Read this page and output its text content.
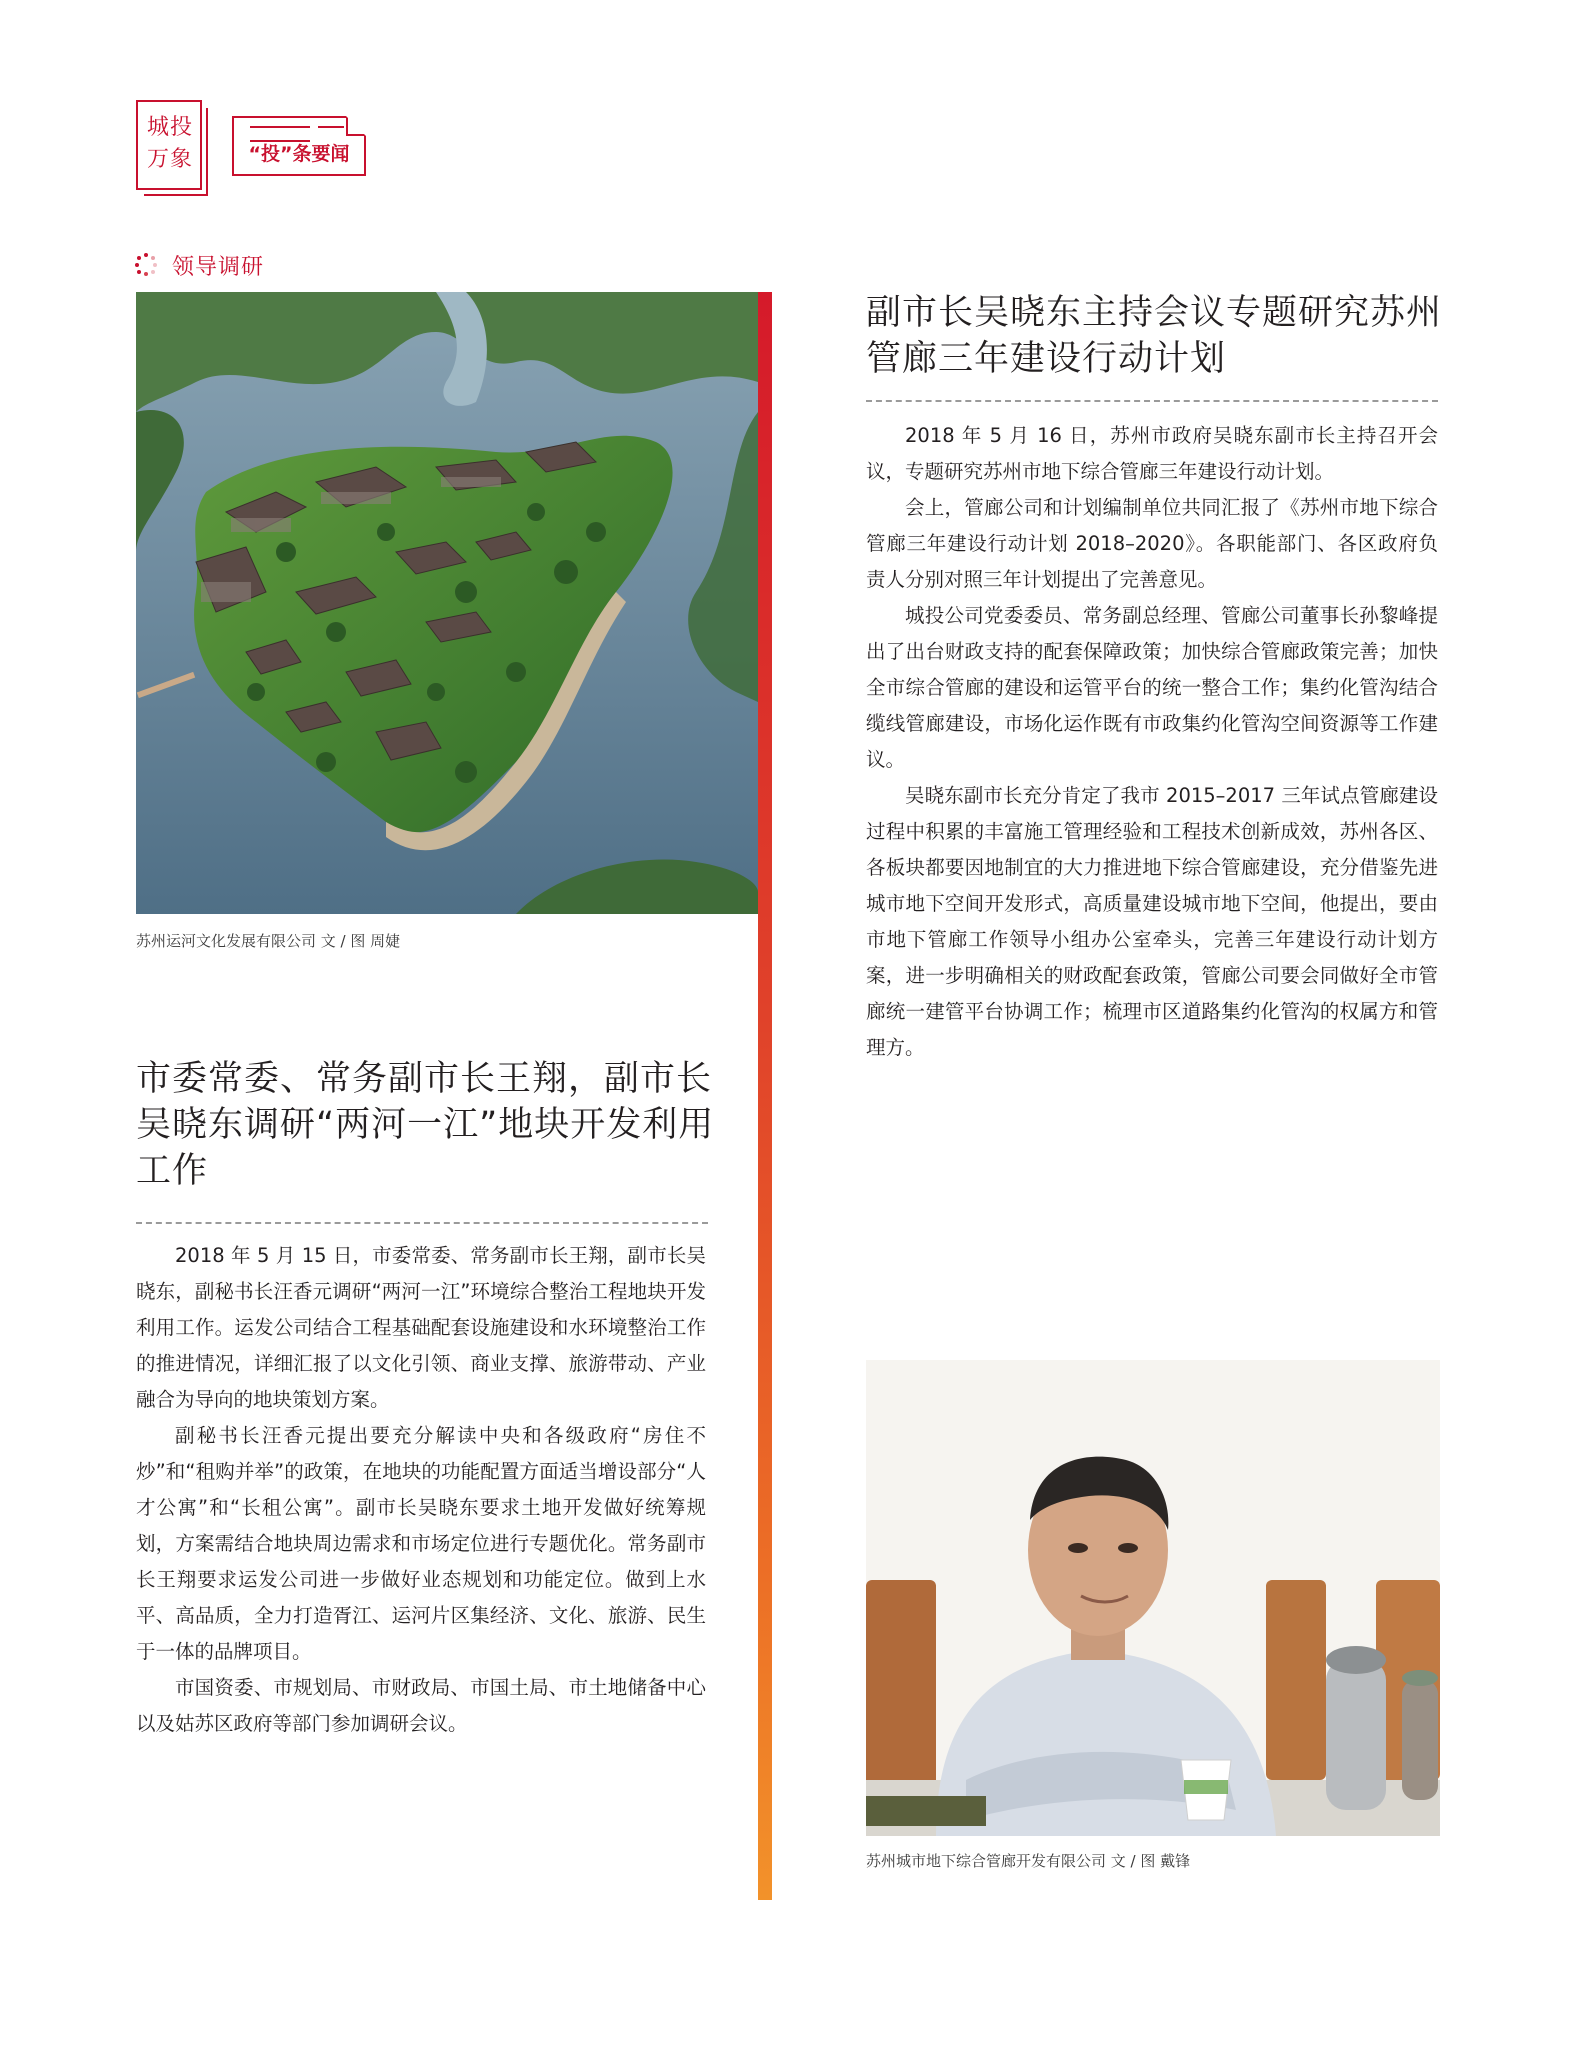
城投
万象	“投”条要闻
领导调研
苏州运河文化发展有限公司 文 / 图 周婕
市委常委、常务副市长王翔，副市长吴晓东调研“两河一江”地块开发利用工作

2018 年 5 月 15 日，市委常委、常务副市长王翔，副市长吴晓东，副秘书长汪香元调研“两河一江”环境综合整治工程地块开发利用工作。运发公司结合工程基础配套设施建设和水环境整治工作的推进情况，详细汇报了以文化引领、商业支撑、旅游带动、产业融合为导向的地块策划方案。

副秘书长汪香元提出要充分解读中央和各级政府“房住不炒”和“租购并举”的政策，在地块的功能配置方面适当增设部分“人才公寓”和“长租公寓”。副市长吴晓东要求土地开发做好统筹规划，方案需结合地块周边需求和市场定位进行专题优化。常务副市长王翔要求运发公司进一步做好业态规划和功能定位。做到上水平、高品质，全力打造胥江、运河片区集经济、文化、旅游、民生于一体的品牌项目。

市国资委、市规划局、市财政局、市国土局、市土地储备中心以及姑苏区政府等部门参加调研会议。

副市长吴晓东主持会议专题研究苏州管廊三年建设行动计划

2018 年 5 月 16 日，苏州市政府吴晓东副市长主持召开会议，专题研究苏州市地下综合管廊三年建设行动计划。

会上，管廊公司和计划编制单位共同汇报了《苏州市地下综合管廊三年建设行动计划 2018–2020》。各职能部门、各区政府负责人分别对照三年计划提出了完善意见。

城投公司党委委员、常务副总经理、管廊公司董事长孙黎峰提出了出台财政支持的配套保障政策；加快综合管廊政策完善；加快全市综合管廊的建设和运管平台的统一整合工作；集约化管沟结合缆线管廊建设，市场化运作既有市政集约化管沟空间资源等工作建议。

吴晓东副市长充分肯定了我市 2015–2017 三年试点管廊建设过程中积累的丰富施工管理经验和工程技术创新成效，苏州各区、各板块都要因地制宜的大力推进地下综合管廊建设，充分借鉴先进城市地下空间开发形式，高质量建设城市地下空间，他提出，要由市地下管廊工作领导小组办公室牵头，完善三年建设行动计划方案，进一步明确相关的财政配套政策，管廊公司要会同做好全市管廊统一建管平台协调工作；梳理市区道路集约化管沟的权属方和管理方。

苏州城市地下综合管廊开发有限公司 文 / 图 戴锋
